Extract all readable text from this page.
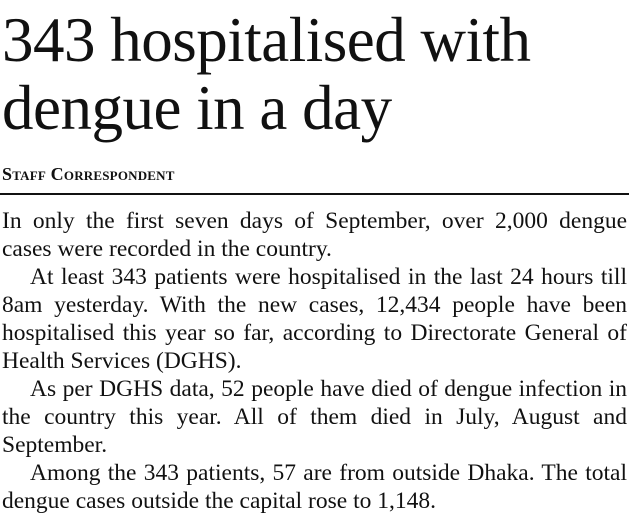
343 hospitalised with dengue in a day
Staff Correspondent

In only the first seven days of September, over 2,000 dengue cases were recorded in the country.

At least 343 patients were hospitalised in the last 24 hours till 8am yesterday. With the new cases, 12,434 people have been hospitalised this year so far, according to Directorate General of Health Services (DGHS).

As per DGHS data, 52 people have died of dengue infection in the country this year. All of them died in July, August and September.

Among the 343 patients, 57 are from outside Dhaka. The total dengue cases outside the capital rose to 1,148.
